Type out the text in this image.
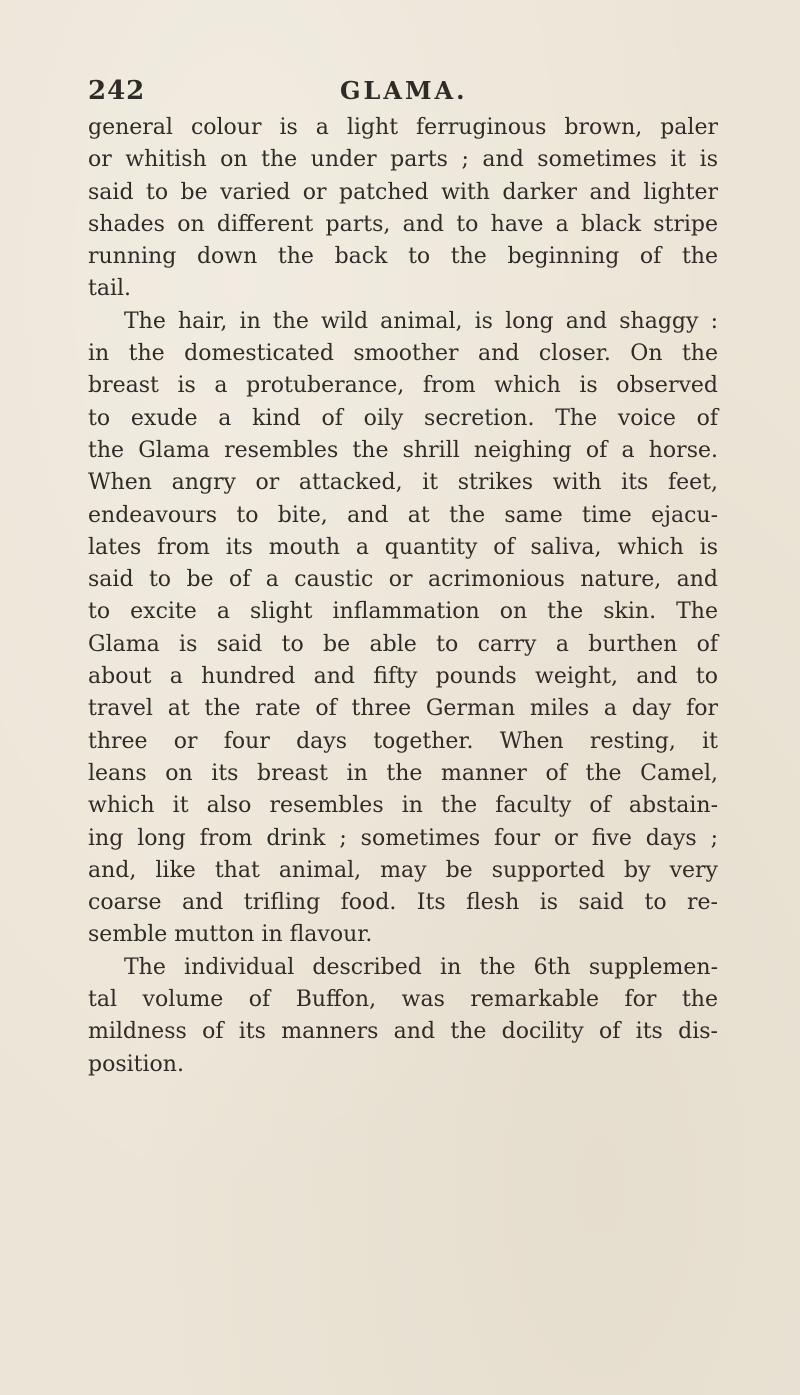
242	GLAMA.

general colour is a light ferruginous brown, paler
or whitish on the under parts ; and sometimes it is
said to be varied or patched with darker and lighter
shades on different parts, and to have a black stripe
running down the back to the beginning of the
tail.

The hair, in the wild animal, is long and shaggy :
in the domesticated smoother and closer. On the
breast is a protuberance, from which is observed
to exude a kind of oily secretion. The voice of
the Glama resembles the shrill neighing of a horse.
When angry or attacked, it strikes with its feet,
endeavours to bite, and at the same time ejacu-
lates from its mouth a quantity of saliva, which is
said to be of a caustic or acrimonious nature, and
to excite a slight inflammation on the skin. The
Glama is said to be able to carry a burthen of
about a hundred and fifty pounds weight, and to
travel at the rate of three German miles a day for
three or four days together. When resting, it
leans on its breast in the manner of the Camel,
which it also resembles in the faculty of abstain-
ing long from drink ; sometimes four or five days ;
and, like that animal, may be supported by very
coarse and trifling food. Its flesh is said to re-
semble mutton in flavour.

The individual described in the 6th supplemen-
tal volume of Buffon, was remarkable for the
mildness of its manners and the docility of its dis-
position.
